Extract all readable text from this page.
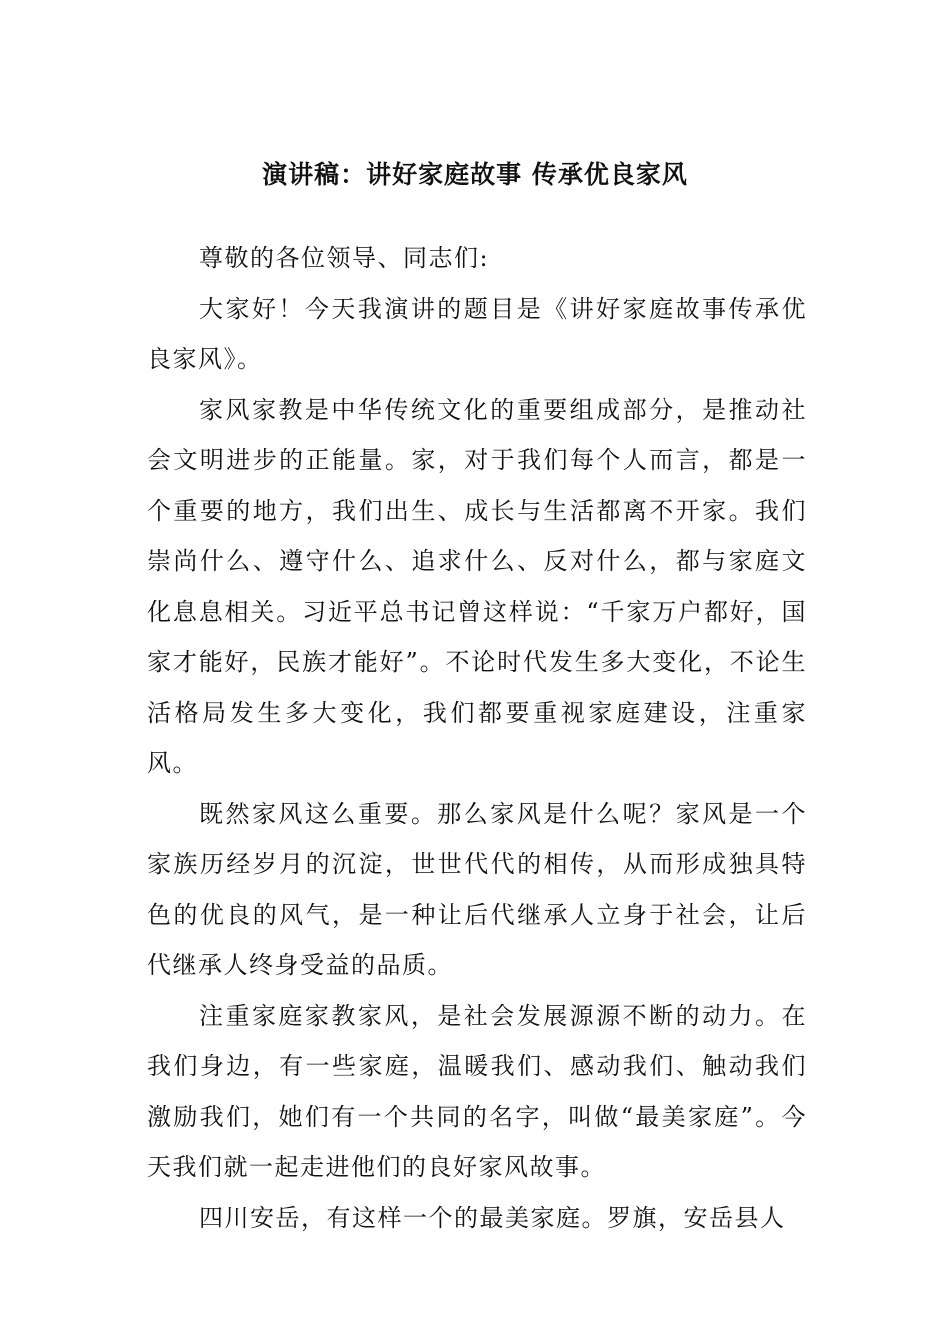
演讲稿：讲好家庭故事 传承优良家风

尊敬的各位领导、同志们:

大家好！今天我演讲的题目是《讲好家庭故事传承优良家风》。

家风家教是中华传统文化的重要组成部分，是推动社会文明进步的正能量。家，对于我们每个人而言，都是一个重要的地方，我们出生、成长与生活都离不开家。我们崇尚什么、遵守什么、追求什么、反对什么，都与家庭文化息息相关。习近平总书记曾这样说：“千家万户都好，国家才能好，民族才能好”。不论时代发生多大变化，不论生活格局发生多大变化，我们都要重视家庭建设，注重家风。

既然家风这么重要。那么家风是什么呢？家风是一个家族历经岁月的沉淀，世世代代的相传，从而形成独具特色的优良的风气，是一种让后代继承人立身于社会，让后代继承人终身受益的品质。

注重家庭家教家风，是社会发展源源不断的动力。在我们身边，有一些家庭，温暖我们、感动我们、触动我们激励我们，她们有一个共同的名字，叫做“最美家庭”。今天我们就一起走进他们的良好家风故事。

四川安岳，有这样一个的最美家庭。罗旗，安岳县人
